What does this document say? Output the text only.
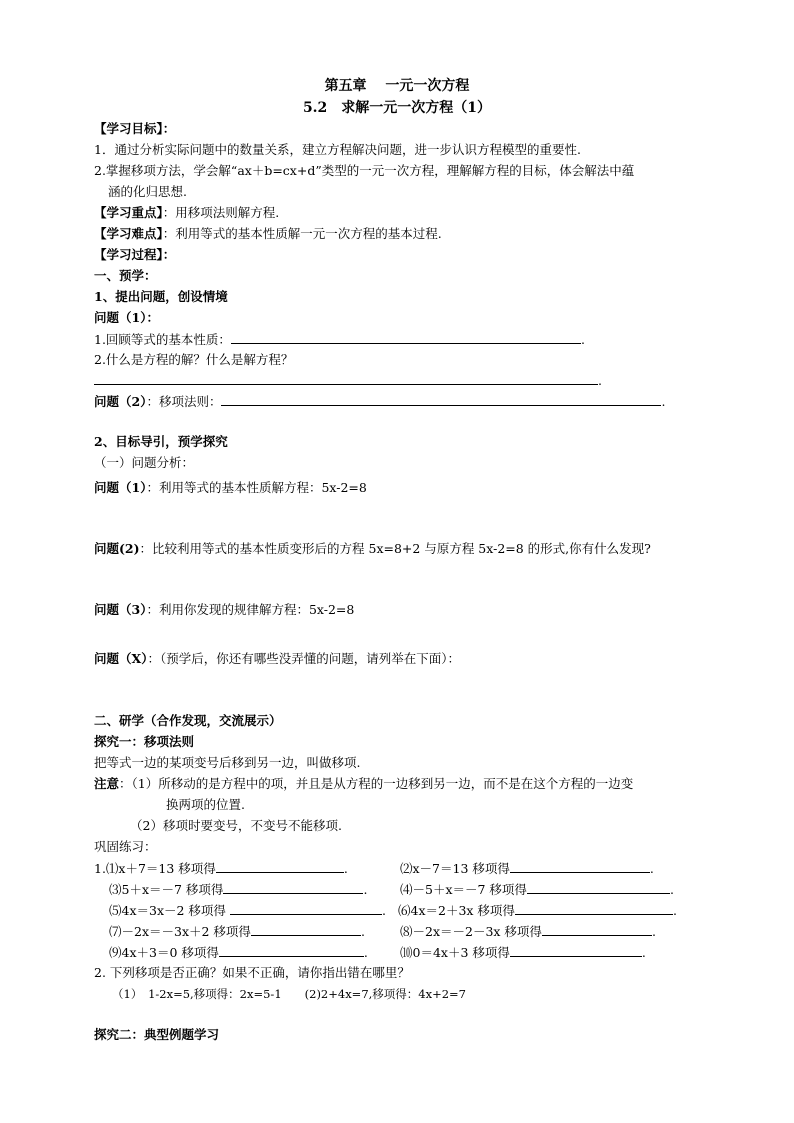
第五章　 一元一次方程
5.2　求解一元一次方程（1）
【学习目标】：
1．通过分析实际问题中的数量关系，建立方程解决问题，进一步认识方程模型的重要性.
2.掌握移项方法，学会解“ax＋b=cx+d”类型的一元一次方程，理解解方程的目标，体会解法中蕴
涵的化归思想.
【学习重点】：用移项法则解方程.
【学习难点】：利用等式的基本性质解一元一次方程的基本过程.
【学习过程】：
一、预学：
1、提出问题，创设情境
问题（1）：
1.回顾等式的基本性质：	.
2.什么是方程的解？什么是解方程？
.
问题（2）：移项法则：	.
2、目标导引，预学探究
（一）问题分析：
问题（1）：利用等式的基本性质解方程：5x-2=8
问题(2)：比较利用等式的基本性质变形后的方程 5x=8+2 与原方程 5x-2=8 的形式,你有什么发现?
问题（3）：利用你发现的规律解方程：5x-2=8
问题（X）：（预学后，你还有哪些没弄懂的问题，请列举在下面）：
二、研学（合作发现，交流展示）
探究一：移项法则
把等式一边的某项变号后移到另一边，叫做移项.
注意：（1）所移动的是方程中的项，并且是从方程的一边移到另一边，而不是在这个方程的一边变
换两项的位置.
（2）移项时要变号，不变号不能移项.
巩固练习：
1.⑴x＋7＝13 移项得	.	⑵x－7＝13 移项得	.
⑶5＋x＝－7 移项得	.	⑷－5＋x＝－7 移项得	.
⑸4x＝3x－2 移项得	. ⑹4x＝2＋3x 移项得	.
⑺－2x＝－3x＋2 移项得	.	⑻－2x＝－2－3x 移项得	.
⑼4x＋3＝0 移项得	.	⑽0＝4x＋3 移项得	.
2. 下列移项是否正确？如果不正确，请你指出错在哪里？
（1）　1-2x=5,移项得：2x=5-1　　(2)2+4x=7,移项得：4x+2=7
探究二：典型例题学习
